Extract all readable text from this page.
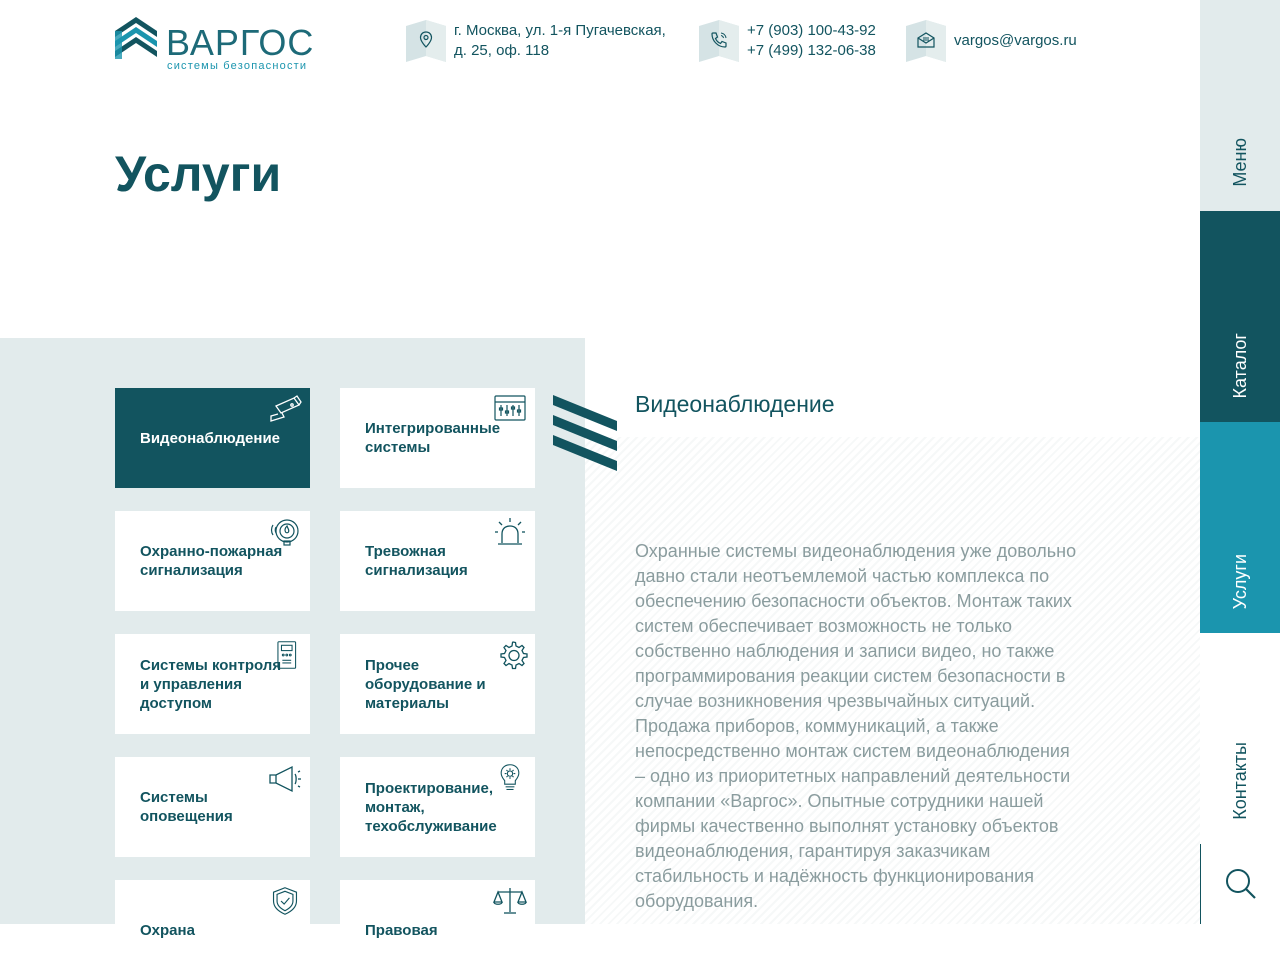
ВАРГОС
системы безопасности
г. Москва, ул. 1-я Пугачевская,
д. 25, оф. 118
+7 (903) 100-43-92
+7 (499) 132-06-38
vargos@vargos.ru
Услуги
Видеонаблюдение
Интегрированные системы
Охранно-пожарная сигнализация
Тревожная сигнализация
Системы контроля и управления доступом
Прочее оборудование и материалы
Системы оповещения
Проектирование, монтаж, техобслуживание
Охрана	Правовая
Видеонаблюдение

Охранные системы видеонаблюдения уже довольно давно стали неотъемлемой частью комплекса по обеспечению безопасности объектов. Монтаж таких систем обеспечивает возможность не только собственно наблюдения и записи видео, но также программирования реакции систем безопасности в случае возникновения чрезвычайных ситуаций. Продажа приборов, коммуникаций, а также непосредственно монтаж систем видеонаблюдения – одно из приоритетных направлений деятельности компании «Варгос». Опытные сотрудники нашей фирмы качественно выполнят установку объектов видеонаблюдения, гарантируя заказчикам стабильность и надёжность функционирования оборудования.

Меню
Каталог
Услуги
Контакты
